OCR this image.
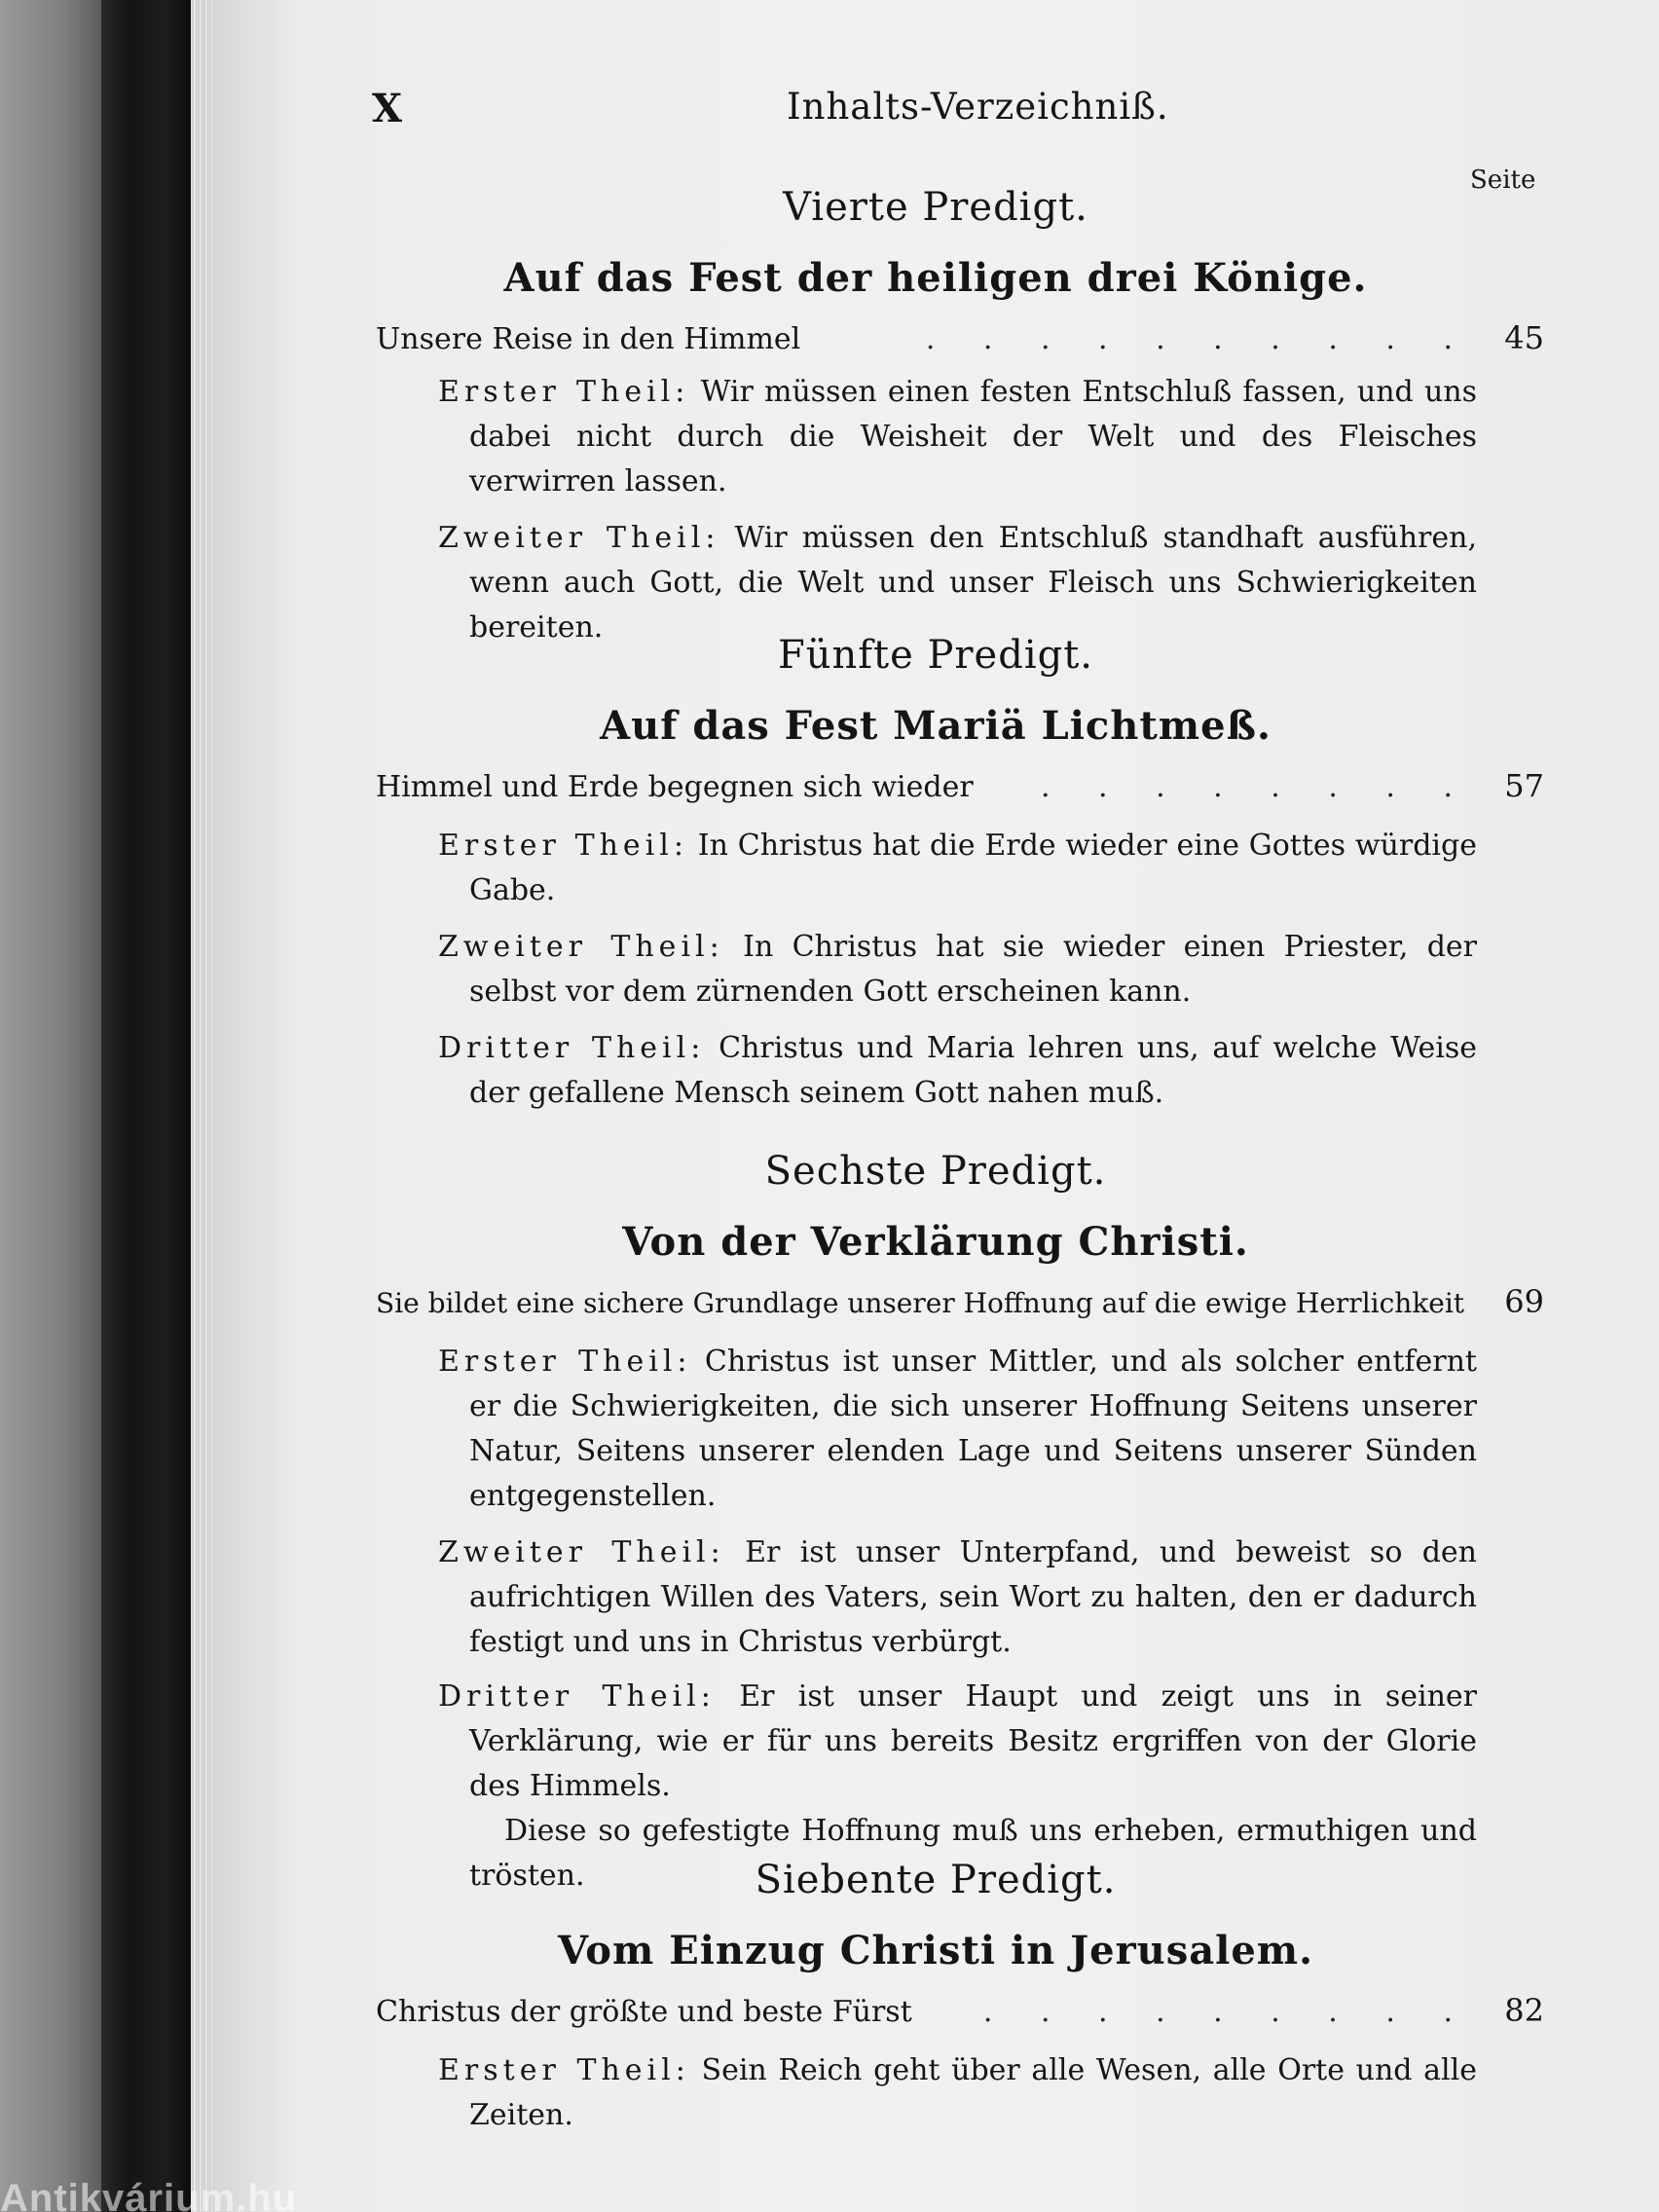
Antikvárium.hu
X	Inhalts-Verzeichniß.
Seite
Vierte Predigt.
Auf das Fest der heiligen drei Könige.
Unsere Reise in den Himmel	. . . . . . . . . .	45
Erster Theil: Wir müssen einen festen Entschluß fassen, und uns dabei nicht durch die Weisheit der Welt und des Fleisches verwirren lassen.
Zweiter Theil: Wir müssen den Entschluß standhaft ausführen, wenn auch Gott, die Welt und unser Fleisch uns Schwierigkeiten bereiten.
Fünfte Predigt.
Auf das Fest Mariä Lichtmeß.
Himmel und Erde begegnen sich wieder	. . . . . . . .	57
Erster Theil: In Christus hat die Erde wieder eine Gottes würdige Gabe.
Zweiter Theil: In Christus hat sie wieder einen Priester, der selbst vor dem zürnenden Gott erscheinen kann.
Dritter Theil: Christus und Maria lehren uns, auf welche Weise der gefallene Mensch seinem Gott nahen muß.
Sechste Predigt.
Von der Verklärung Christi.
Sie bildet eine sichere Grundlage unserer Hoffnung auf die ewige Herrlichkeit 69
Erster Theil: Christus ist unser Mittler, und als solcher entfernt er die Schwierigkeiten, die sich unserer Hoffnung Seitens unserer Natur, Seitens unserer elenden Lage und Seitens unserer Sünden entgegenstellen.
Zweiter Theil: Er ist unser Unterpfand, und beweist so den aufrichtigen Willen des Vaters, sein Wort zu halten, den er dadurch festigt und uns in Christus verbürgt.
Dritter Theil: Er ist unser Haupt und zeigt uns in seiner Verklärung, wie er für uns bereits Besitz ergriffen von der Glorie des Himmels.
Diese so gefestigte Hoffnung muß uns erheben, ermuthigen und trösten.	Siebente Predigt.
Vom Einzug Christi in Jerusalem.
Christus der größte und beste Fürst	. . . . . . . . .	82
Erster Theil: Sein Reich geht über alle Wesen, alle Orte und alle Zeiten.
